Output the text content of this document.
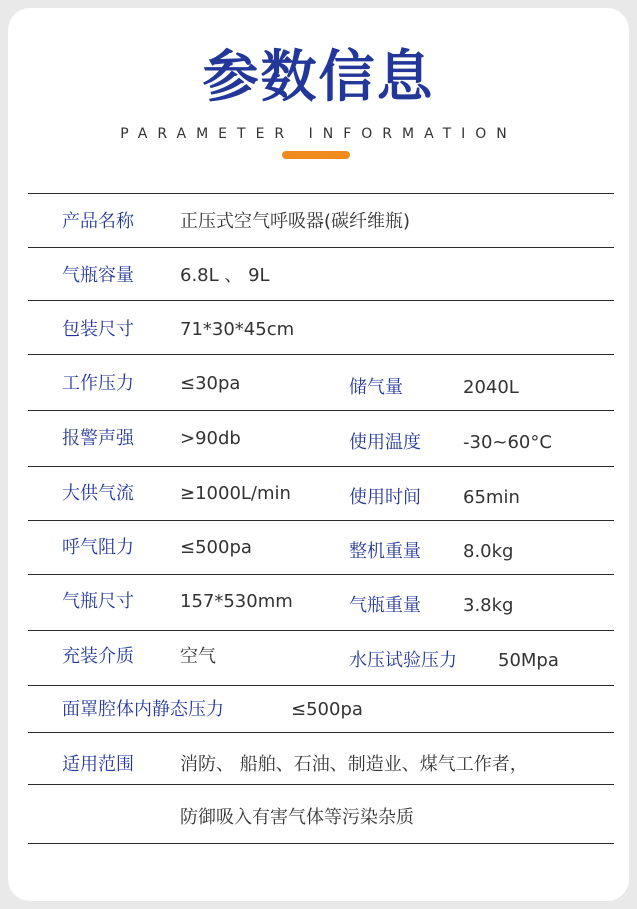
参数信息
PARAMETER INFORMATION
产品名称	正压式空气呼吸器(碳纤维瓶)
气瓶容量	6.8L 、 9L
包装尺寸	71*30*45cm
工作压力	≤30pa	储气量	2040L
报警声强	>90db	使用温度 -30~60°C
大供气流	≥1000L/min	使用时间 65min
呼气阻力	≤500pa	整机重量 8.0kg
气瓶尺寸	157*530mm	气瓶重量 3.8kg
充装介质	空气	水压试验压力 50Mpa
面罩腔体内静态压力	≤500pa
适用范围	消防、 船舶、石油、制造业、煤气工作者，
防御吸入有害气体等污染杂质
